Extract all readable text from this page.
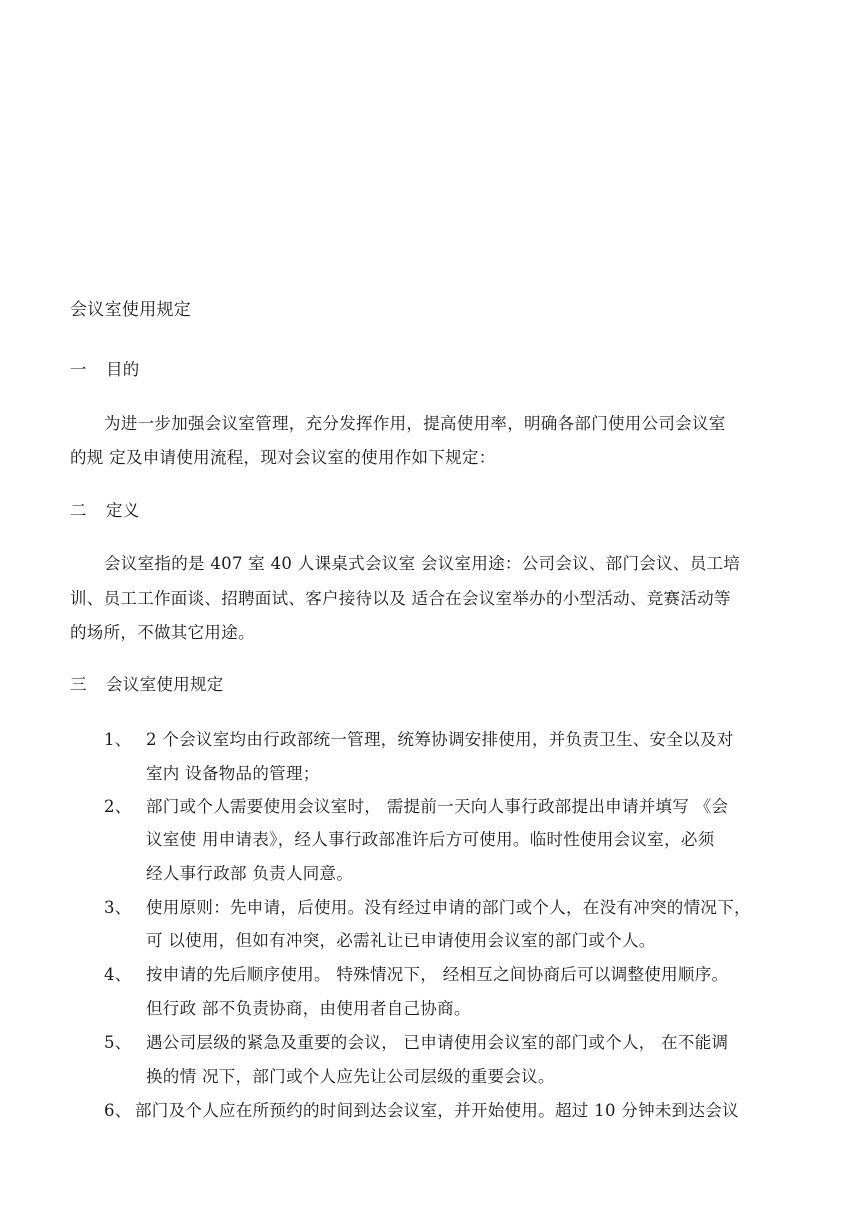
会议室使用规定
一 目的
为进一步加强会议室管理，充分发挥作用，提高使用率，明确各部门使用公司会议室
的规 定及申请使用流程，现对会议室的使用作如下规定：
二 定义
会议室指的是 407 室 40 人课桌式会议室 会议室用途：公司会议、部门会议、员工培
训、员工工作面谈、招聘面试、客户接待以及 适合在会议室举办的小型活动、竞赛活动等
的场所，不做其它用途。
三 会议室使用规定
1、 2 个会议室均由行政部统一管理，统筹协调安排使用，并负责卫生、安全以及对
室内 设备物品的管理；
2、 部门或个人需要使用会议室时， 需提前一天向人事行政部提出申请并填写 《会
议室使 用申请表》，经人事行政部准许后方可使用。临时性使用会议室，必须
经人事行政部 负责人同意。
3、 使用原则：先申请，后使用。没有经过申请的部门或个人，在没有冲突的情况下，
可 以使用，但如有冲突，必需礼让已申请使用会议室的部门或个人。
4、 按申请的先后顺序使用。 特殊情况下， 经相互之间协商后可以调整使用顺序。
但行政 部不负责协商，由使用者自己协商。
5、 遇公司层级的紧急及重要的会议， 已申请使用会议室的部门或个人， 在不能调
换的情 况下，部门或个人应先让公司层级的重要会议。
6、 部门及个人应在所预约的时间到达会议室，并开始使用。超过 10 分钟未到达会议
